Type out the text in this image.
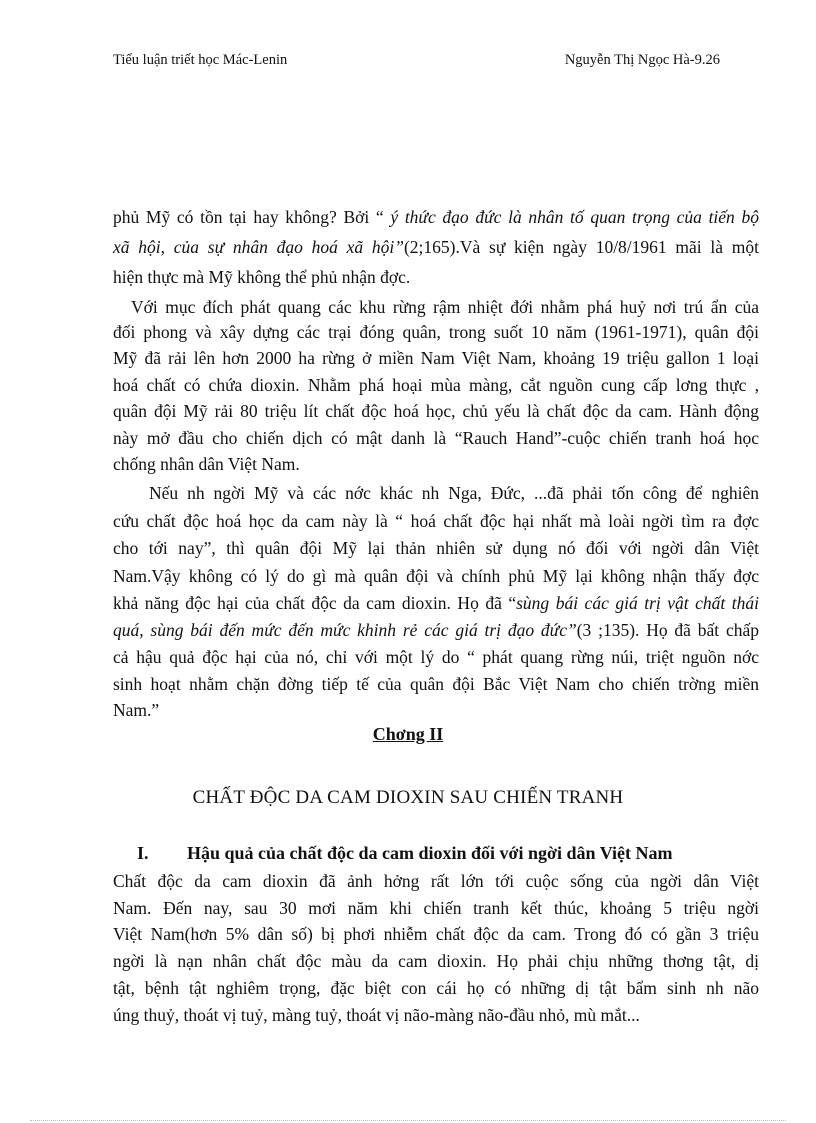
Tiểu luận triết học Mác-Lenin	Nguyễn Thị Ngọc Hà-9.26
phủ Mỹ có tồn tại hay không? Bởi “ ý thức đạo đức là nhân tố quan trọng của tiến bộ
xã hội, của sự nhân đạo hoá xã hội”(2;165).Và sự kiện ngày 10/8/1961 mãi là một
hiện thực mà Mỹ không thể phủ nhận đợc.
Với mục đích phát quang các khu rừng rậm nhiệt đới nhằm phá huỷ nơi trú ẩn của
đối phong và xây dựng các trại đóng quân, trong suốt 10 năm (1961-1971), quân đội
Mỹ đã rải lên hơn 2000 ha rừng ở miền Nam Việt Nam, khoảng 19 triệu gallon 1 loại
hoá chất có chứa dioxin. Nhằm phá hoại mùa màng, cắt nguồn cung cấp lơng thực ,
quân đội Mỹ rải 80 triệu lít chất độc hoá học, chủ yếu là chất độc da cam. Hành động
này mở đầu cho chiến dịch có mật danh là “Rauch Hand”-cuộc chiến tranh hoá học
chống nhân dân Việt Nam.
Nếu nh ngời Mỹ và các nớc khác nh Nga, Đức, ...đã phải tốn công để nghiên
cứu chất độc hoá học da cam này là “ hoá chất độc hại nhất mà loài ngời tìm ra đợc
cho tới nay”, thì quân đội Mỹ lại thản nhiên sử dụng nó đối với ngời dân Việt
Nam.Vậy không có lý do gì mà quân đội và chính phủ Mỹ lại không nhận thấy đợc
khả năng độc hại của chất độc da cam dioxin. Họ đã “sùng bái các giá trị vật chất thái
quá, sùng bái đến mức đến mức khinh rẻ các giá trị đạo đức”(3 ;135). Họ đã bất chấp
cả hậu quả độc hại của nó, chỉ với một lý do “ phát quang rừng núi, triệt nguồn nớc
sinh hoạt nhằm chặn đờng tiếp tế của quân đội Bắc Việt Nam cho chiến trờng miền
Nam.”
Chơng II
CHẤT ĐỘC DA CAM DIOXIN SAU CHIẾN TRANH
I. Hậu quả của chất độc da cam dioxin đối với ngời dân Việt Nam
Chất độc da cam dioxin đã ảnh hởng rất lớn tới cuộc sống của ngời dân Việt
Nam. Đến nay, sau 30 mơi năm khi chiến tranh kết thúc, khoảng 5 triệu ngời
Việt Nam(hơn 5% dân số) bị phơi nhiễm chất độc da cam. Trong đó có gần 3 triệu
ngời là nạn nhân chất độc màu da cam dioxin. Họ phải chịu những thơng tật, dị
tật, bệnh tật nghiêm trọng, đặc biệt con cái họ có những dị tật bẩm sinh nh não
úng thuỷ, thoát vị tuỷ, màng tuỷ, thoát vị não-màng não-đầu nhỏ, mù mắt...
